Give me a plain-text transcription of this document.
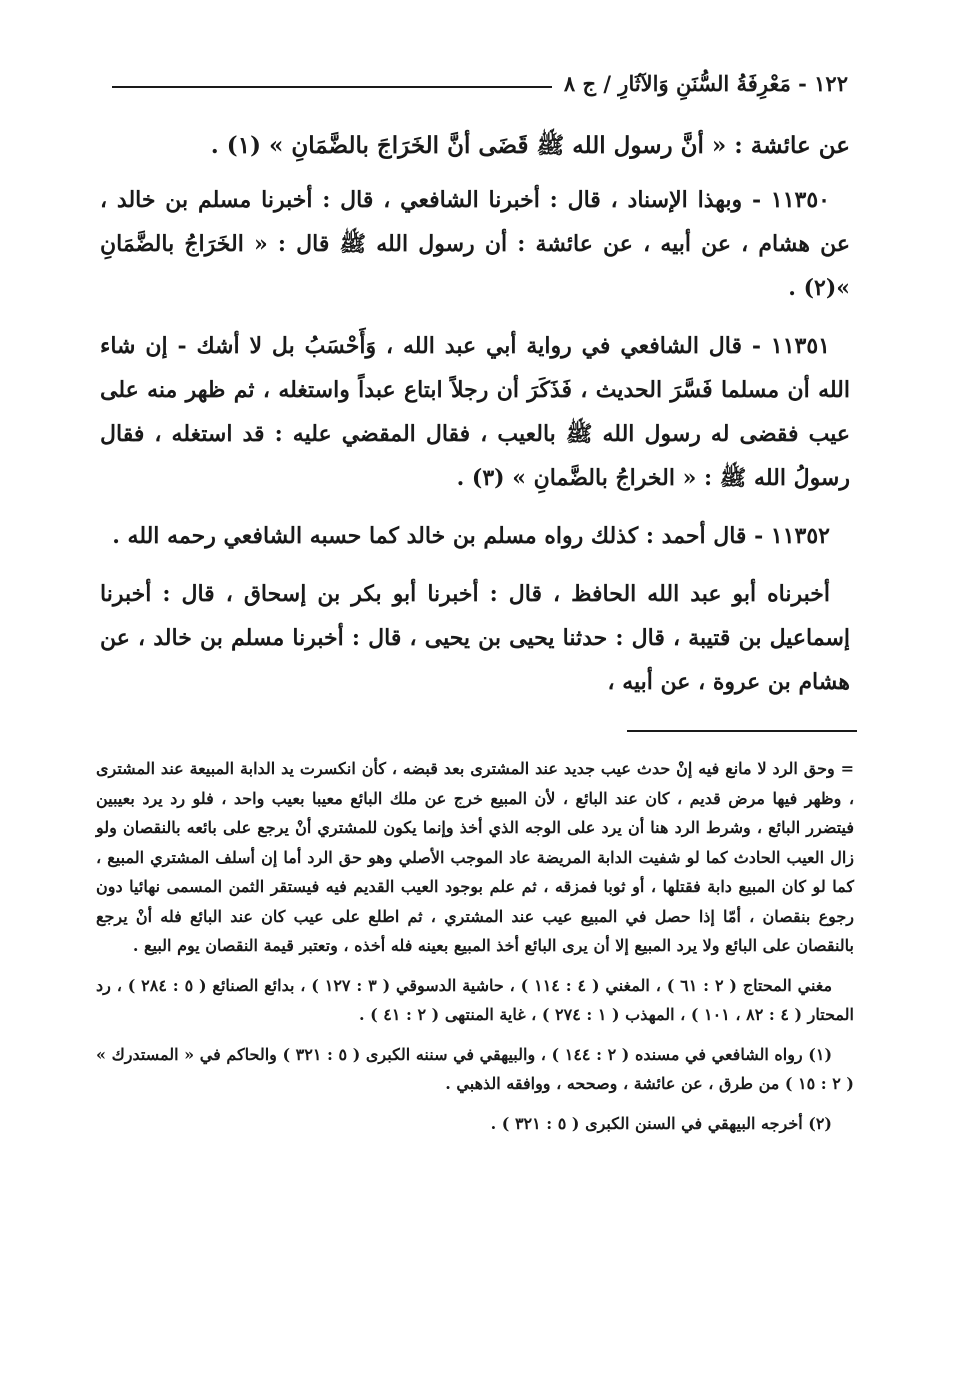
١٢٢ - مَعْرِفَةُ السُّنَنِ وَالآثَارِ / ج ٨

عن عائشة : « أنَّ رسول الله ﷺ قَضَى أنَّ الخَرَاجَ بالضَّمَانِ » (١) .

١١٣٥٠ - وبهذا الإسناد ، قال : أخبرنا الشافعي ، قال : أخبرنا مسلم بن خالد ، عن هشام ، عن أبيه ، عن عائشة : أن رسول الله ﷺ قال : « الخَرَاجُ بالضَّمَانِ »(٢) .

١١٣٥١ - قال الشافعي في رواية أبي عبد الله ، وَأَحْسَبُ بل لا أشك - إن شاء الله أن مسلما فَسَّرَ الحديث ، فَذَكَرَ أن رجلاً ابتاع عبداً واستغله ، ثم ظهر منه على عيب فقضى له رسول الله ﷺ بالعيب ، فقال المقضي عليه : قد استغله ، فقال رسولُ الله ﷺ : « الخراجُ بالضَّمانِ » (٣) .

١١٣٥٢ - قال أحمد : كذلك رواه مسلم بن خالد كما حسبه الشافعي رحمه الله .

أخبرناه أبو عبد الله الحافظ ، قال : أخبرنا أبو بكر بن إسحاق ، قال : أخبرنا إسماعيل بن قتيبة ، قال : حدثنا يحيى بن يحيى ، قال : أخبرنا مسلم بن خالد ، عن هشام بن عروة ، عن أبيه ،

= وحق الرد لا مانع فيه إنْ حدث عيب جديد عند المشترى بعد قبضه ، كأن انكسرت يد الدابة المبيعة عند المشترى ، وظهر فيها مرض قديم ، كان عند البائع ، لأن المبيع خرج عن ملك البائع معيبا بعيب واحد ، فلو رد يرد بعيبين فيتضرر البائع ، وشرط الرد هنا أن يرد على الوجه الذي أخذ وإنما يكون للمشتري أنْ يرجع على بائعه بالنقصان ولو زال العيب الحادث كما لو شفيت الدابة المريضة عاد الموجب الأصلي وهو حق الرد أما إن أسلف المشتري المبيع ، كما لو كان المبيع دابة فقتلها ، أو ثوبا فمزقه ، ثم علم بوجود العيب القديم فيه فيستقر الثمن المسمى نهائيا دون رجوع بنقصان ، أمّا إذا حصل في المبيع عيب عند المشتري ، ثم اطلع على عيب كان عند البائع فله أنْ يرجع بالنقصان على البائع ولا يرد المبيع إلا أن يرى البائع أخذ المبيع بعينه فله أخذه ، وتعتبر قيمة النقصان يوم البيع .

مغني المحتاج ( ٢ : ٦١ ) ، المغني ( ٤ : ١١٤ ) ، حاشية الدسوقي ( ٣ : ١٢٧ ) ، بدائع الصنائع ( ٥ : ٢٨٤ ) ، رد المحتار ( ٤ : ٨٢ ، ١٠١ ) ، المهذب ( ١ : ٢٧٤ ) ، غاية المنتهى ( ٢ : ٤١ ) .

(١) رواه الشافعي في مسنده ( ٢ : ١٤٤ ) ، والبيهقي في سننه الكبرى ( ٥ : ٣٢١ ) والحاكم في « المستدرك » ( ٢ : ١٥ ) من طرق ، عن عائشة ، وصححه ، ووافقه الذهبي .

(٢) أخرجه البيهقي في السنن الكبرى ( ٥ : ٣٢١ ) .
